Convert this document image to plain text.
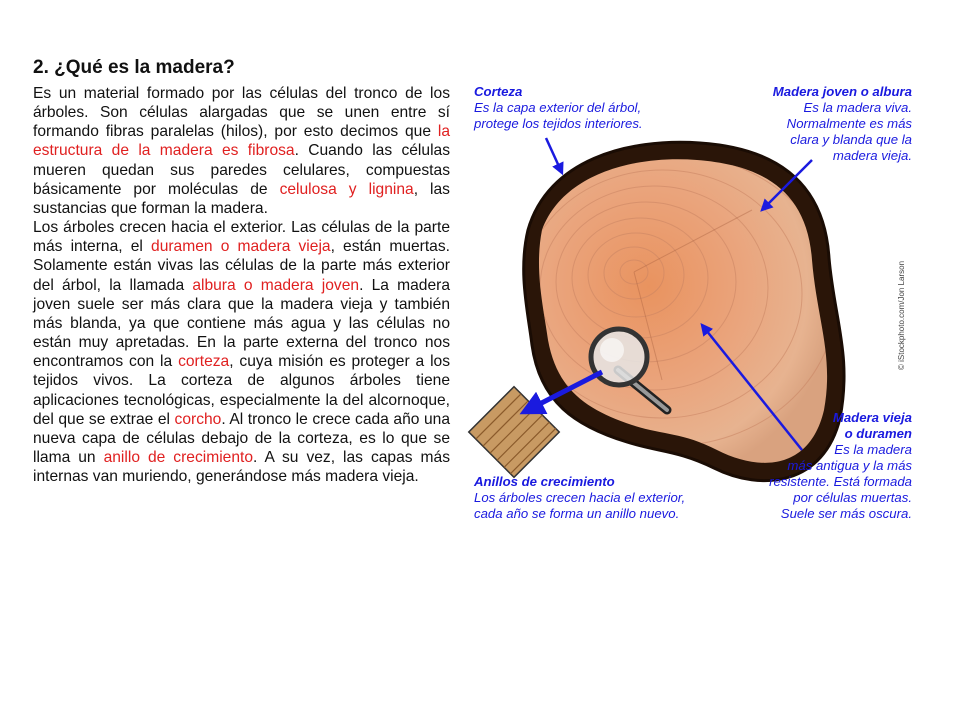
2. ¿Qué es la madera?

Es un material formado por las células del tronco de los árboles. Son células alargadas que se unen entre sí formando fibras paralelas (hilos), por esto decimos que la estructura de la madera es fibrosa. Cuando las células mueren quedan sus paredes celulares, compuestas básicamente por moléculas de celulosa y lignina, las sustancias que forman la madera.

Los árboles crecen hacia el exterior. Las células de la parte más interna, el duramen o madera vieja, están muertas. Solamente están vivas las células de la parte más exterior del árbol, la llamada albura o madera joven. La madera joven suele ser más clara que la madera vieja y también más blanda, ya que contiene más agua y las células no están muy apretadas. En la parte externa del tronco nos encontramos con la corteza, cuya misión es proteger a los tejidos vivos. La corteza de algunos árboles tiene aplicaciones tecnológicas, especialmente la del alcornoque, del que se extrae el corcho. Al tronco le crece cada año una nueva capa de células debajo de la corteza, es lo que se llama un anillo de crecimiento. A su vez, las capas más internas van muriendo, generándose más madera vieja.

Corteza
Es la capa exterior del árbol,
protege los tejidos interiores.
Madera joven o albura
Es la madera viva.
Normalmente es más
clara y blanda que la
madera vieja.
Madera vieja
o duramen
Es la madera
más antigua y la más
resistente. Está formada
por células muertas.
Suele ser más oscura.
Anillos de crecimiento
Los árboles crecen hacia el exterior,
cada año se forma un anillo nuevo.
© iStockphoto.com/Jon Larson
